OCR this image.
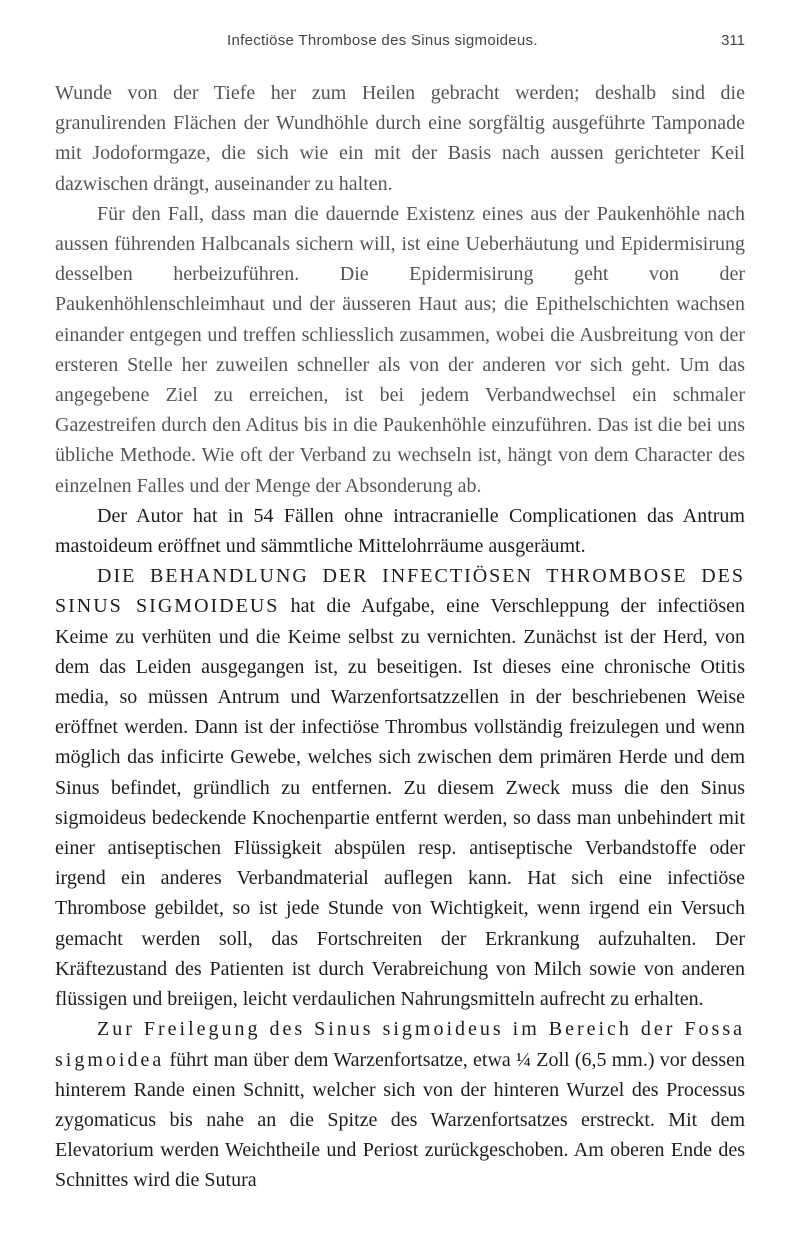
Infectiöse Thrombose des Sinus sigmoideus.	311

Wunde von der Tiefe her zum Heilen gebracht werden; deshalb sind die granulirenden Flächen der Wundhöhle durch eine sorgfältig ausgeführte Tamponade mit Jodoformgaze, die sich wie ein mit der Basis nach aussen gerichteter Keil dazwischen drängt, auseinander zu halten.

Für den Fall, dass man die dauernde Existenz eines aus der Paukenhöhle nach aussen führenden Halbcanals sichern will, ist eine Ueberhäutung und Epidermisirung desselben herbeizuführen. Die Epidermisirung geht von der Paukenhöhlenschleimhaut und der äusseren Haut aus; die Epithelschichten wachsen einander entgegen und treffen schliesslich zusammen, wobei die Ausbreitung von der ersteren Stelle her zuweilen schneller als von der anderen vor sich geht. Um das angegebene Ziel zu erreichen, ist bei jedem Verbandwechsel ein schmaler Gazestreifen durch den Aditus bis in die Paukenhöhle einzuführen. Das ist die bei uns übliche Methode. Wie oft der Verband zu wechseln ist, hängt von dem Character des einzelnen Falles und der Menge der Absonderung ab.

Der Autor hat in 54 Fällen ohne intracranielle Complicationen das Antrum mastoideum eröffnet und sämmtliche Mittelohrräume ausgeräumt.

DIE BEHANDLUNG DER INFECTIÖSEN THROMBOSE DES SINUS SIGMOIDEUS hat die Aufgabe, eine Verschleppung der infectiösen Keime zu verhüten und die Keime selbst zu vernichten. Zunächst ist der Herd, von dem das Leiden ausgegangen ist, zu beseitigen. Ist dieses eine chronische Otitis media, so müssen Antrum und Warzenfortsatzzellen in der beschriebenen Weise eröffnet werden. Dann ist der infectiöse Thrombus vollständig freizulegen und wenn möglich das inficirte Gewebe, welches sich zwischen dem primären Herde und dem Sinus befindet, gründlich zu entfernen. Zu diesem Zweck muss die den Sinus sigmoideus bedeckende Knochenpartie entfernt werden, so dass man unbehindert mit einer antiseptischen Flüssigkeit abspülen resp. antiseptische Verbandstoffe oder irgend ein anderes Verbandmaterial auflegen kann. Hat sich eine infectiöse Thrombose gebildet, so ist jede Stunde von Wichtigkeit, wenn irgend ein Versuch gemacht werden soll, das Fortschreiten der Erkrankung aufzuhalten. Der Kräftezustand des Patienten ist durch Verabreichung von Milch sowie von anderen flüssigen und breiigen, leicht verdaulichen Nahrungsmitteln aufrecht zu erhalten.

Zur Freilegung des Sinus sigmoideus im Bereich der Fossa sigmoidea führt man über dem Warzenfortsatze, etwa ¼ Zoll (6,5 mm.) vor dessen hinterem Rande einen Schnitt, welcher sich von der hinteren Wurzel des Processus zygomaticus bis nahe an die Spitze des Warzenfortsatzes erstreckt. Mit dem Elevatorium werden Weichtheile und Periost zurückgeschoben. Am oberen Ende des Schnittes wird die Sutura
